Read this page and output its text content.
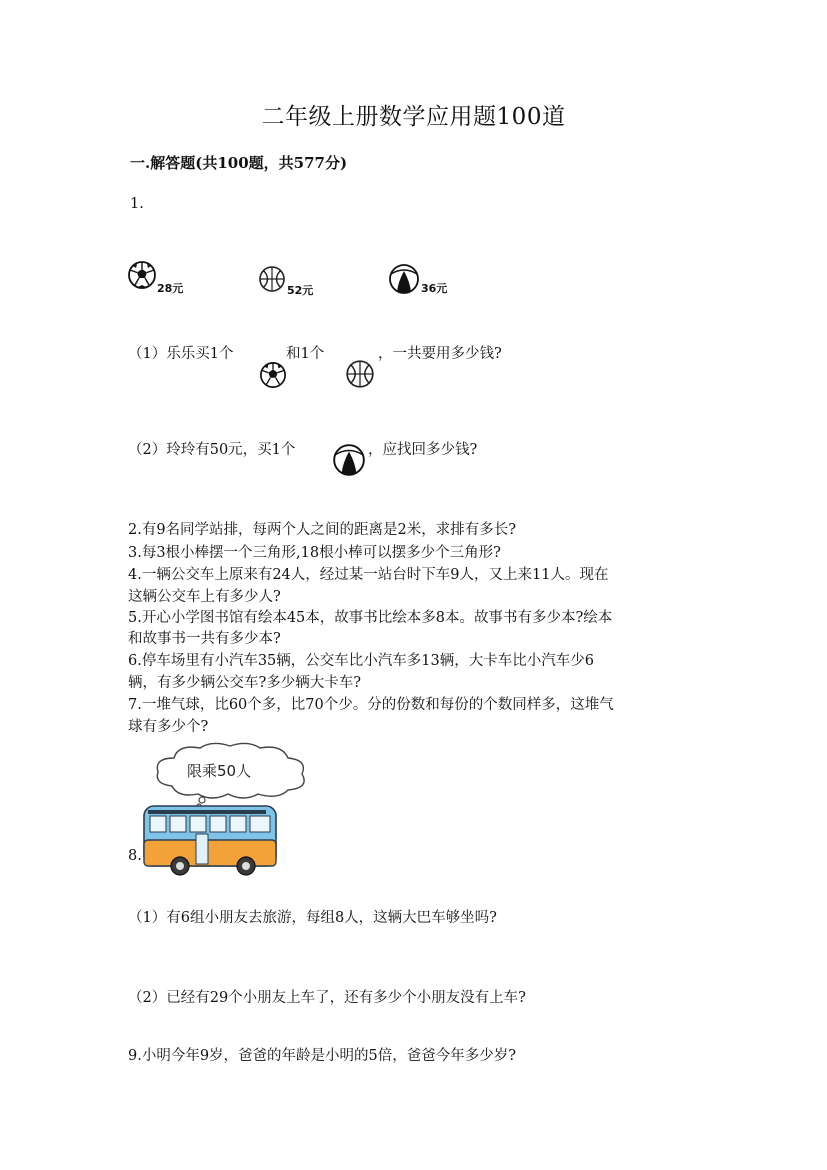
二年级上册数学应用题100道
一.解答题(共100题，共577分)
1.
28元	52元	36元
（1）乐乐买1个	和1个	，一共要用多少钱?
（2）玲玲有50元，买1个	，应找回多少钱?
2.有9名同学站排，每两个人之间的距离是2米，求排有多长?
3.每3根小棒摆一个三角形,18根小棒可以摆多少个三角形?
4.一辆公交车上原来有24人，经过某一站台时下车9人，又上来11人。现在
这辆公交车上有多少人?
5.开心小学图书馆有绘本45本，故事书比绘本多8本。故事书有多少本?绘本
和故事书一共有多少本?
6.停车场里有小汽车35辆，公交车比小汽车多13辆，大卡车比小汽车少6
辆，有多少辆公交车?多少辆大卡车?
7.一堆气球，比60个多，比70个少。分的份数和每份的个数同样多，这堆气
球有多少个?
限乘50人
8.
（1）有6组小朋友去旅游，每组8人，这辆大巴车够坐吗?
（2）已经有29个小朋友上车了，还有多少个小朋友没有上车?
9.小明今年9岁，爸爸的年龄是小明的5倍，爸爸今年多少岁?
